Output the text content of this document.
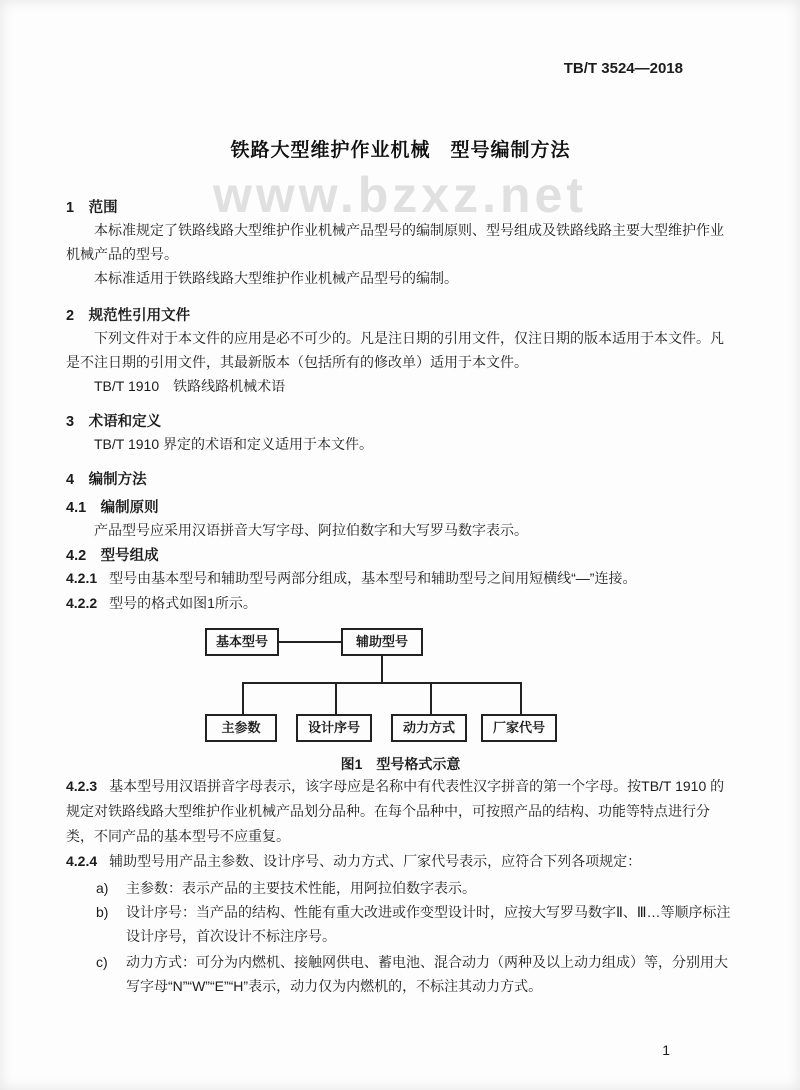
www.bzxz.net
TB/T 3524—2018
铁路大型维护作业机械　型号编制方法
1　范围

本标准规定了铁路线路大型维护作业机械产品型号的编制原则、型号组成及铁路线路主要大型维护作业机械产品的型号。

本标准适用于铁路线路大型维护作业机械产品型号的编制。

2　规范性引用文件

下列文件对于本文件的应用是必不可少的。凡是注日期的引用文件，仅注日期的版本适用于本文件。凡是不注日期的引用文件，其最新版本（包括所有的修改单）适用于本文件。

TB/T 1910　铁路线路机械术语

3　术语和定义

TB/T 1910 界定的术语和定义适用于本文件。

4　编制方法
4.1　编制原则

产品型号应采用汉语拼音大写字母、阿拉伯数字和大写罗马数字表示。

4.2　型号组成

4.2.1 型号由基本型号和辅助型号两部分组成，基本型号和辅助型号之间用短横线“—”连接。

4.2.2 型号的格式如图1所示。

基本型号	辅助型号
主参数	设计序号	动力方式	厂家代号
图1　型号格式示意

4.2.3 基本型号用汉语拼音字母表示，该字母应是名称中有代表性汉字拼音的第一个字母。按TB/T 1910 的规定对铁路线路大型维护作业机械产品划分品种。在每个品种中，可按照产品的结构、功能等特点进行分类，不同产品的基本型号不应重复。

4.2.4 辅助型号用产品主参数、设计序号、动力方式、厂家代号表示，应符合下列各项规定：

a)	主参数：表示产品的主要技术性能，用阿拉伯数字表示。
b)	设计序号：当产品的结构、性能有重大改进或作变型设计时，应按大写罗马数字Ⅱ、Ⅲ…等顺序标注设计序号，首次设计不标注序号。
c)	动力方式：可分为内燃机、接触网供电、蓄电池、混合动力（两种及以上动力组成）等，分别用大写字母“N”“W”“E”“H”表示，动力仅为内燃机的，不标注其动力方式。
1
